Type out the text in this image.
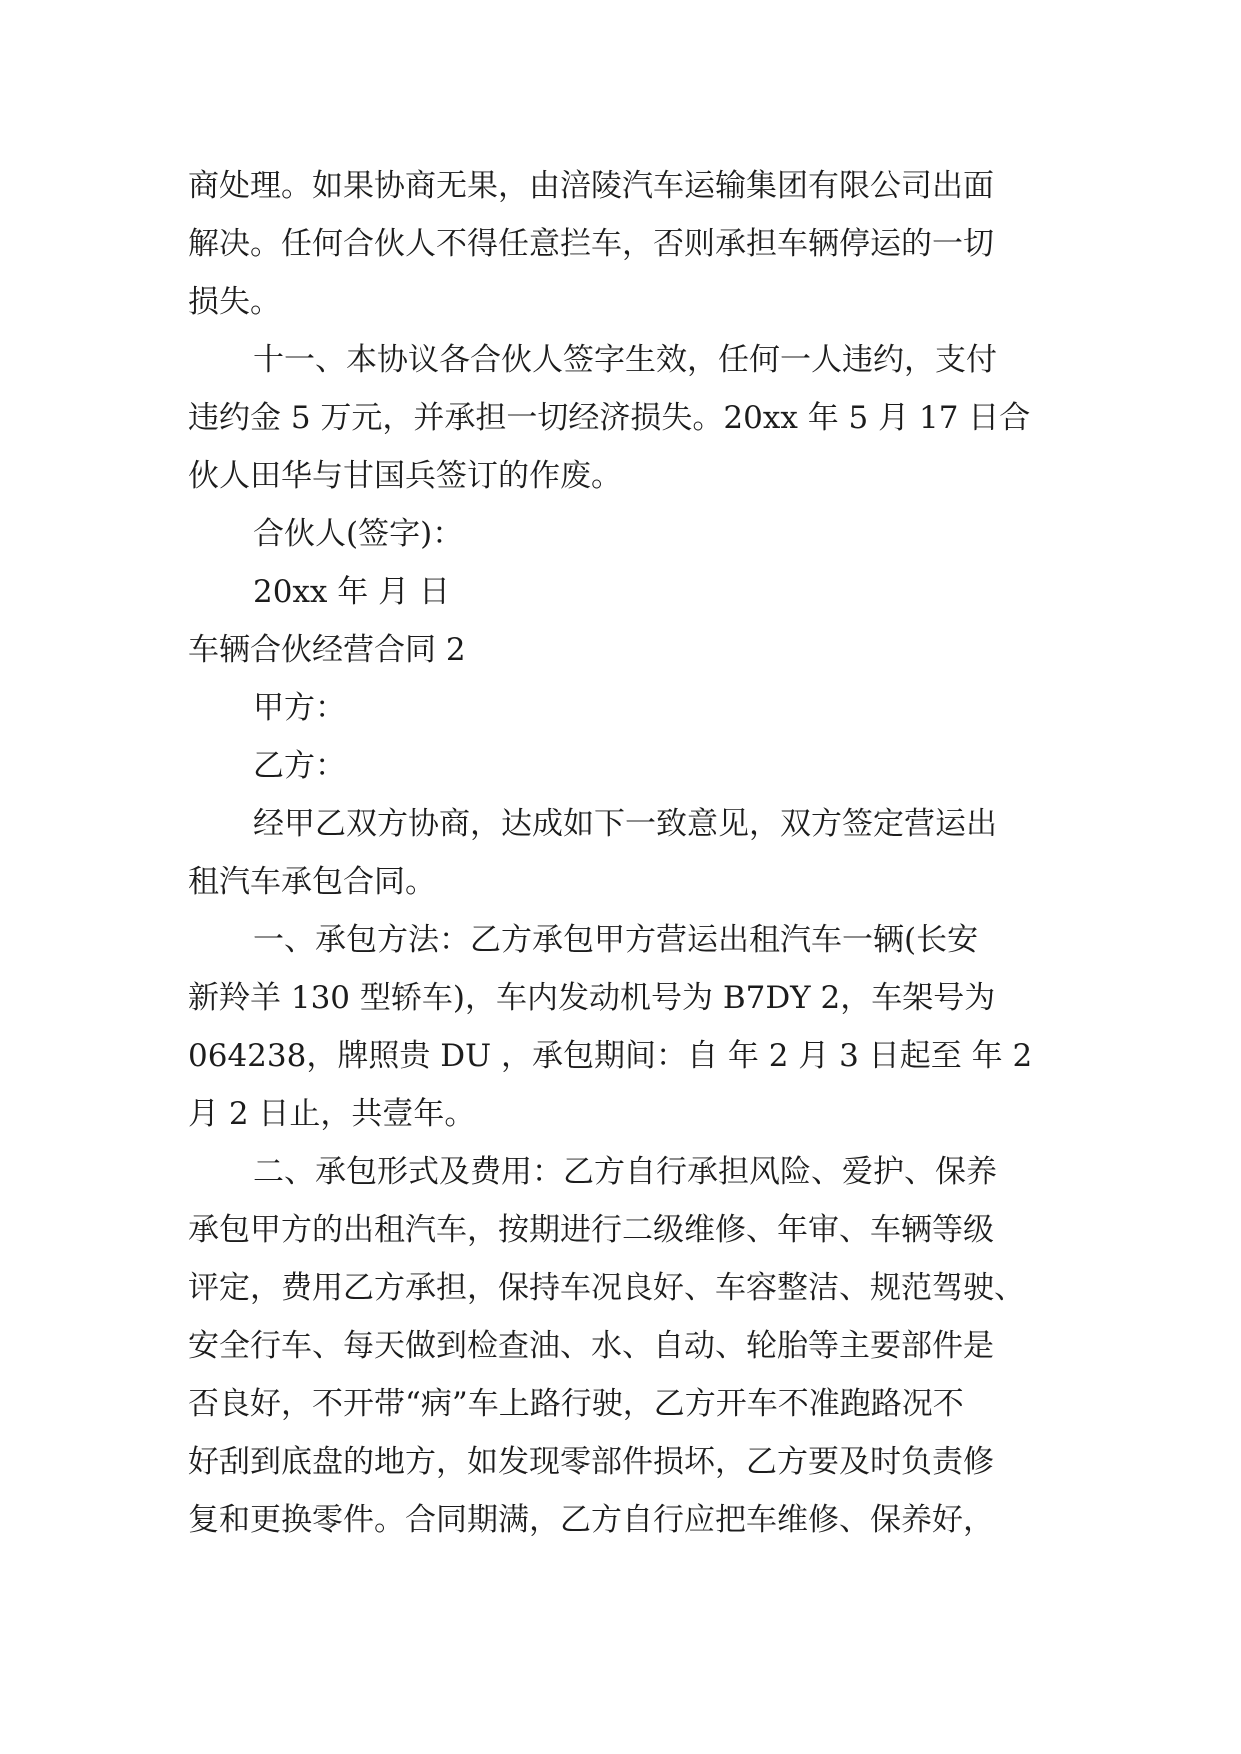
商处理。如果协商无果，由涪陵汽车运输集团有限公司出面
解决。任何合伙人不得任意拦车，否则承担车辆停运的一切
损失。
十一、本协议各合伙人签字生效，任何一人违约，支付
违约金 5 万元，并承担一切经济损失。20xx 年 5 月 17 日合
伙人田华与甘国兵签订的作废。
合伙人(签字)：
20xx 年 月 日
车辆合伙经营合同 2
甲方：
乙方：
经甲乙双方协商，达成如下一致意见，双方签定营运出
租汽车承包合同。
一、承包方法：乙方承包甲方营运出租汽车一辆(长安
新羚羊 130 型轿车)，车内发动机号为 B7DY 2，车架号为
064238，牌照贵 DU ，承包期间：自 年 2 月 3 日起至 年 2
月 2 日止，共壹年。
二、承包形式及费用：乙方自行承担风险、爱护、保养
承包甲方的出租汽车，按期进行二级维修、年审、车辆等级
评定，费用乙方承担，保持车况良好、车容整洁、规范驾驶、
安全行车、每天做到检查油、水、自动、轮胎等主要部件是
否良好，不开带“病”车上路行驶，乙方开车不准跑路况不
好刮到底盘的地方，如发现零部件损坏，乙方要及时负责修
复和更换零件。合同期满，乙方自行应把车维修、保养好，
